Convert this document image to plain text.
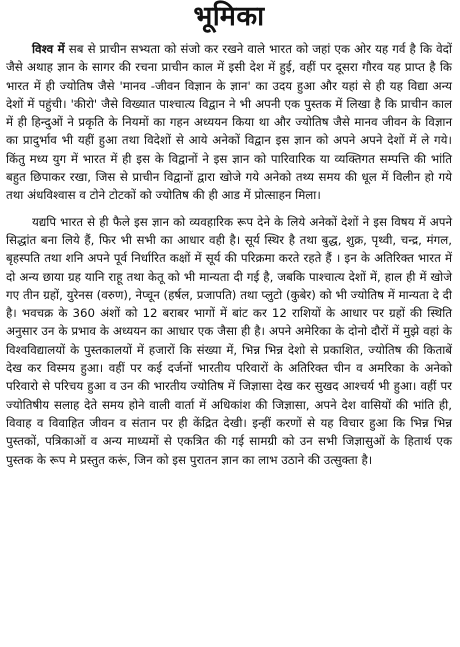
भूमिका

विश्व में सब से प्राचीन सभ्यता को संजो कर रखने वाले भारत को जहां एक ओर यह गर्व है कि वेदों जैसे अथाह ज्ञान के सागर की रचना प्राचीन काल में इसी देश में हुई, वहीं पर दूसरा गौरव यह प्राप्त है कि भारत में ही ज्योतिष जैसे 'मानव -जीवन विज्ञान के ज्ञान' का उदय हुआ और यहां से ही यह विद्या अन्य देशों में पहुंची। 'कीरो' जैसे विख्यात पाश्चात्य विद्वान ने भी अपनी एक पुस्तक में लिखा है कि प्राचीन काल में ही हिन्दुओं ने प्रकृति के नियमों का गहन अध्ययन किया था और ज्योतिष जैसे मानव जीवन के विज्ञान का प्रादुर्भाव भी यहीं हुआ तथा विदेशों से आये अनेकों विद्वान इस ज्ञान को अपने अपने देशों में ले गये। किंतु मध्य युग में भारत में ही इस के विद्वानों ने इस ज्ञान को पारिवारिक या व्यक्तिगत सम्पत्ति की भांति बहुत छिपाकर रखा, जिस से प्राचीन विद्वानों द्वारा खोजे गये अनेको तथ्य समय की धूल में विलीन हो गये तथा अंधविश्वास व टोने टोटकों को ज्योतिष की ही आड में प्रोत्साहन मिला।

यद्यपि भारत से ही फैले इस ज्ञान को व्यवहारिक रूप देने के लिये अनेकों देशों ने इस विषय में अपने सिद्धांत बना लिये हैं, फिर भी सभी का आधार वही है। सूर्य स्थिर है तथा बुद्ध, शुक्र, पृथ्वी, चन्द्र, मंगल, बृहस्पति तथा शनि अपने पूर्व निर्धारित कक्षों में सूर्य की परिक्रमा करते रहते हैं । इन के अतिरिक्त भारत में दो अन्य छाया ग्रह यानि राहू तथा केतू को भी मान्यता दी गई है, जबकि पाश्चात्य देशों में, हाल ही में खोजे गए तीन ग्रहों, युरेनस (वरुण), नेप्चून (हर्षल, प्रजापति) तथा प्लुटो (कुबेर) को भी ज्योतिष में मान्यता दे दी है। भवचक्र के 360 अंशों को 12 बराबर भागों में बांट कर 12 राशियों के आधार पर ग्रहों की स्थिति अनुसार उन के प्रभाव के अध्ययन का आधार एक जैसा ही है। अपने अमेरिका के दोनो दौरों में मुझे वहां के विश्वविद्यालयों के पुस्तकालयों में हजारों कि संख्या में, भिन्न भिन्न देशो से प्रकाशित, ज्योतिष की किताबें देख कर विस्मय हुआ। वहीं पर कई दर्जनों भारतीय परिवारों के अतिरिक्त चीन व अमरिका के अनेको परिवारो से परिचय हुआ व उन की भारतीय ज्योतिष में जिज्ञासा देख कर सुखद आश्चर्य भी हुआ। वहीं पर ज्योतिषीय सलाह देते समय होने वाली वार्ता में अधिकांश की जिज्ञासा, अपने देश वासियों की भांति ही, विवाह व विवाहित जीवन व संतान पर ही केंद्रित देखी। इन्हीं करणों से यह विचार हुआ कि भिन्न भिन्न पुस्तकों, पत्रिकाओं व अन्य माध्यमों से एकत्रित की गई सामग्री को उन सभी जिज्ञासुओं के हितार्थ एक पुस्तक के रूप मे प्रस्तुत करूं, जिन को इस पुरातन ज्ञान का लाभ उठाने की उत्सुक्ता है।
